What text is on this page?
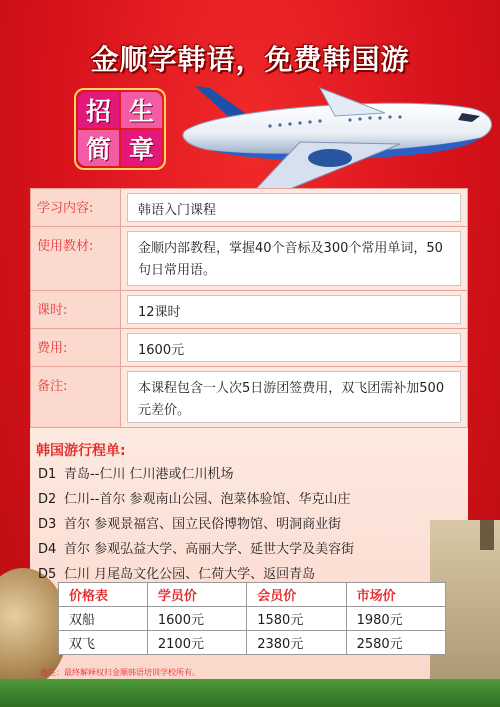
金顺学韩语，免费韩国游
招 生
简 章
学习内容:	韩语入门课程
使用教材:	金顺内部教程，掌握40个音标及300个常用单词，50句日常用语。
课时:	12课时
费用:	1600元
备注:	本课程包含一人次5日游团签费用，双飞团需补加500元差价。
韩国游行程单:
D1 青岛--仁川 仁川港或仁川机场
D2 仁川--首尔 参观南山公园、泡菜体验馆、华克山庄
D3 首尔 参观景福宫、国立民俗博物馆、明洞商业街
D4 首尔 参观弘益大学、高丽大学、延世大学及美容街
D5 仁川 月尾岛文化公园、仁荷大学、返回青岛
价格表	学员价	会员价	市场价
双船	1600元	1580元	1980元
双飞	2100元	2380元	2580元
备注：最终解释权归金顺韩语培训学校所有。
